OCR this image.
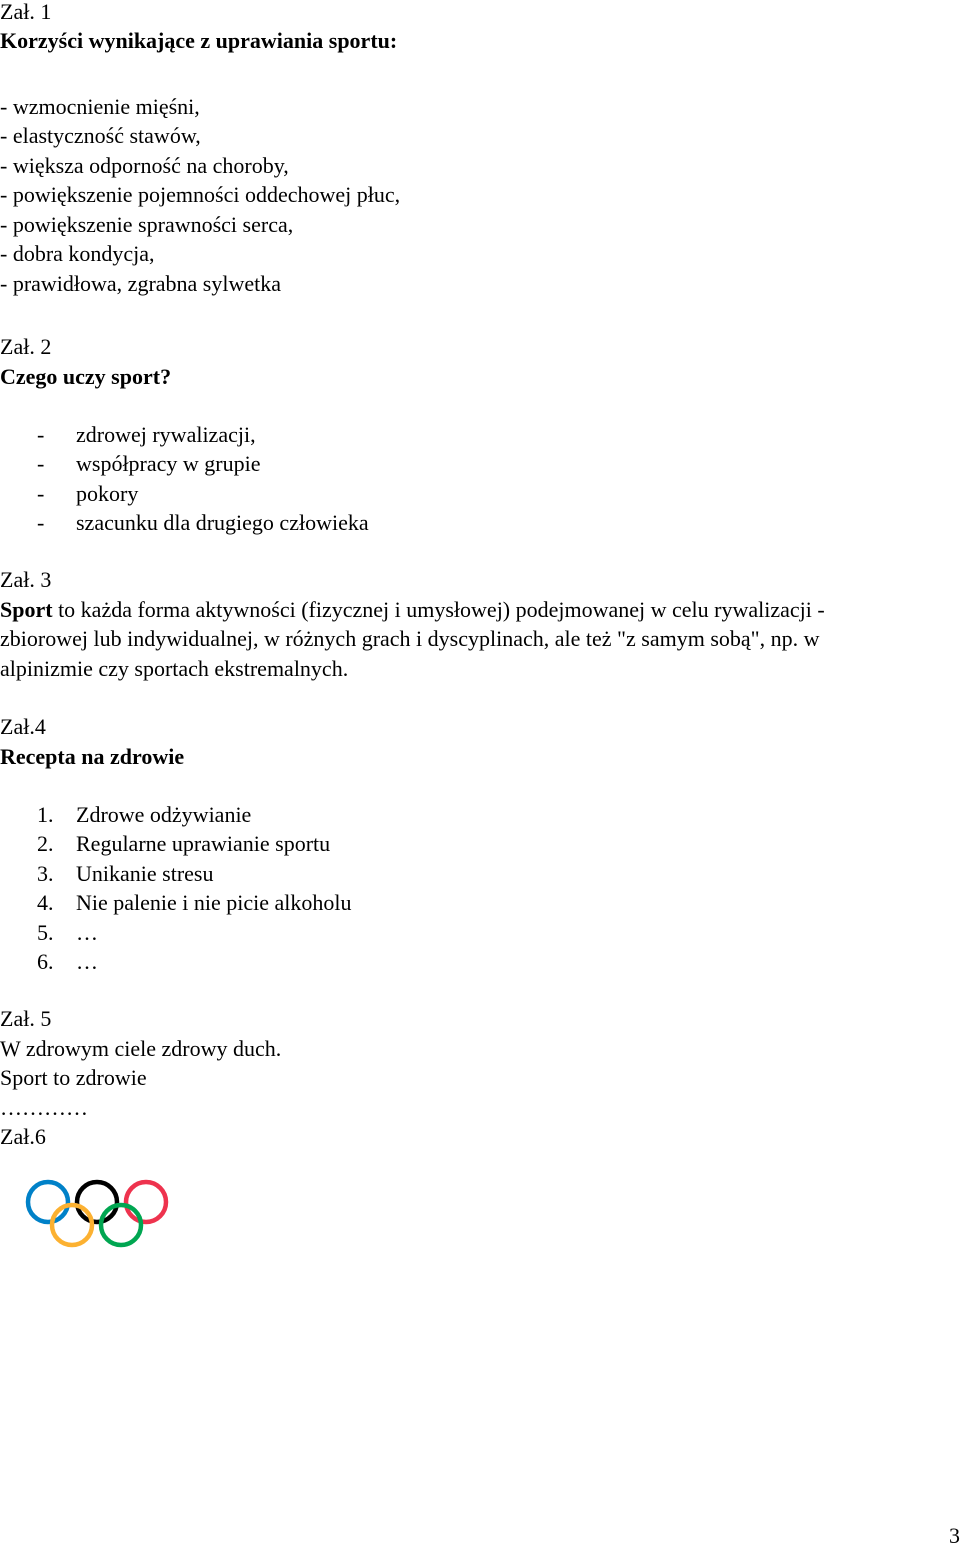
Zał. 1

Korzyści wynikające z uprawiania sportu:

- wzmocnienie mięśni,

- elastyczność stawów,

- większa odporność na choroby,

- powiększenie pojemności oddechowej płuc,

- powiększenie sprawności serca,

- dobra kondycja,

- prawidłowa, zgrabna sylwetka

Zał. 2

Czego uczy sport?

-	zdrowej rywalizacji,
-	współpracy w grupie
-	pokory
-	szacunku dla drugiego człowieka

Zał. 3

Sport to każda forma aktywności (fizycznej i umysłowej) podejmowanej w celu rywalizacji -

zbiorowej lub indywidualnej, w różnych grach i dyscyplinach, ale też "z samym sobą", np. w

alpinizmie czy sportach ekstremalnych.

Zał.4

Recepta na zdrowie

1. Zdrowe odżywianie
2. Regularne uprawianie sportu
3. Unikanie stresu
4. Nie palenie i nie picie alkoholu
5. …
6. …

Zał. 5

W zdrowym ciele zdrowy duch.

Sport to zdrowie

…………

Zał.6

3
